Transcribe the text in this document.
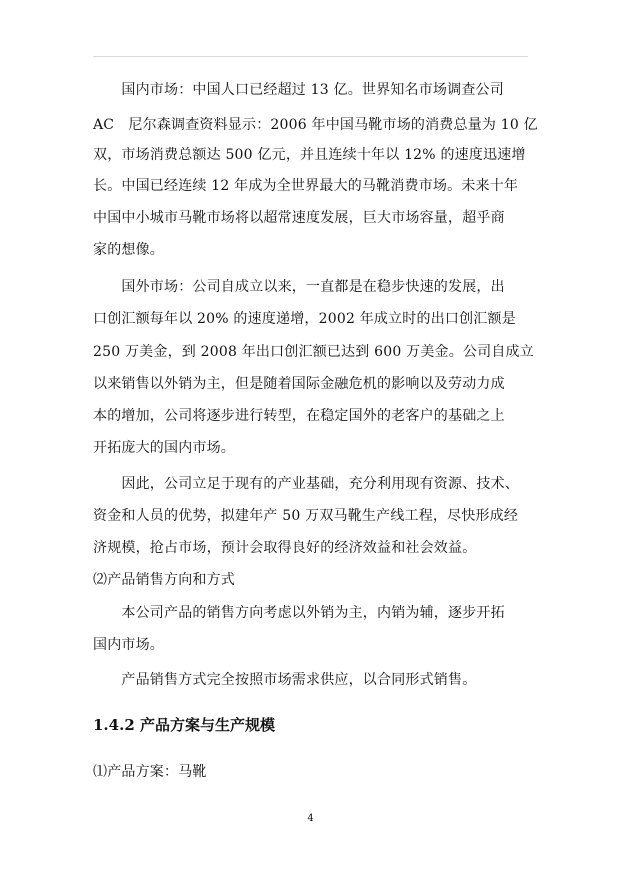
　　国内市场：中国人口已经超过 13 亿。世界知名市场调查公司
AC　尼尔森调查资料显示：2006 年中国马靴市场的消费总量为 10 亿
双，市场消费总额达 500 亿元，并且连续十年以 12% 的速度迅速增
长。中国已经连续 12 年成为全世界最大的马靴消费市场。未来十年
中国中小城市马靴市场将以超常速度发展，巨大市场容量，超乎商
家的想像。
　　国外市场：公司自成立以来，一直都是在稳步快速的发展，出
口创汇额每年以 20% 的速度递增，2002 年成立时的出口创汇额是
250 万美金，到 2008 年出口创汇额已达到 600 万美金。公司自成立
以来销售以外销为主，但是随着国际金融危机的影响以及劳动力成
本的增加，公司将逐步进行转型，在稳定国外的老客户的基础之上
开拓庞大的国内市场。
　　因此，公司立足于现有的产业基础，充分利用现有资源、技术、
资金和人员的优势，拟建年产 50 万双马靴生产线工程，尽快形成经
济规模，抢占市场，预计会取得良好的经济效益和社会效益。
⑵产品销售方向和方式
　　本公司产品的销售方向考虑以外销为主，内销为辅，逐步开拓
国内市场。
　　产品销售方式完全按照市场需求供应，以合同形式销售。
1.4.2 产品方案与生产规模
⑴产品方案：马靴
4
